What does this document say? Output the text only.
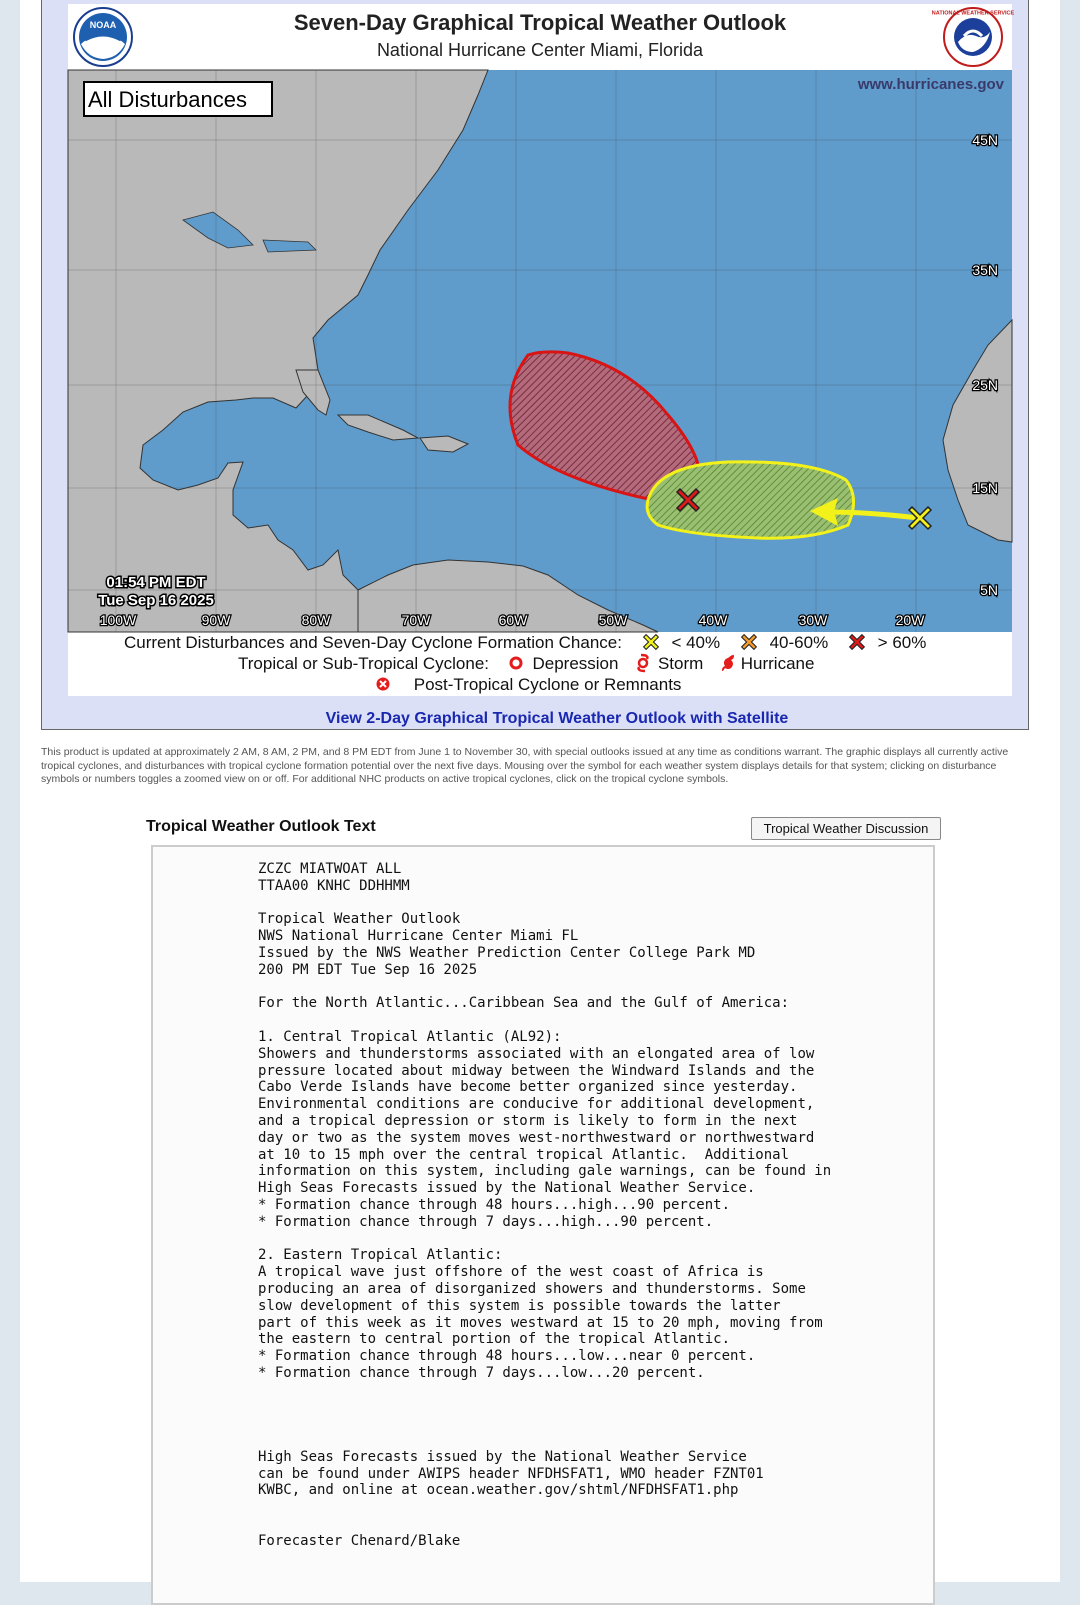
NOAA	Seven-Day Graphical Tropical Weather Outlook
National Hurricane Center Miami, Florida
NATIONAL WEATHER SERVICE
All Disturbances
www.hurricanes.gov
45N
35N
25N
15N
5N
100W	90W	80W	70W	60W	50W	40W	30W	20W
01:54 PM EDT
Tue Sep 16 2025
Current Disturbances and Seven-Day Cyclone Formation Chance:	< 40%	40-60%	> 60%
Tropical or Sub-Tropical Cyclone:	Depression Storm Hurricane
Post-Tropical Cyclone or Remnants
View 2-Day Graphical Tropical Weather Outlook with Satellite
This product is updated at approximately 2 AM, 8 AM, 2 PM, and 8 PM EDT from June 1 to November 30, with special outlooks issued at any time as conditions warrant. The graphic displays all currently active tropical cyclones, and disturbances with tropical cyclone formation potential over the next five days. Mousing over the symbol for each weather system displays details for that system; clicking on disturbance symbols or numbers toggles a zoomed view on or off. For additional NHC products on active tropical cyclones, click on the tropical cyclone symbols.
Tropical Weather Outlook Text	Tropical Weather Discussion
ZCZC MIATWOAT ALL
TTAA00 KNHC DDHHMM

Tropical Weather Outlook
NWS National Hurricane Center Miami FL
Issued by the NWS Weather Prediction Center College Park MD
200 PM EDT Tue Sep 16 2025

For the North Atlantic...Caribbean Sea and the Gulf of America:

1. Central Tropical Atlantic (AL92):
Showers and thunderstorms associated with an elongated area of low
pressure located about midway between the Windward Islands and the
Cabo Verde Islands have become better organized since yesterday.
Environmental conditions are conducive for additional development,
and a tropical depression or storm is likely to form in the next
day or two as the system moves west-northwestward or northwestward
at 10 to 15 mph over the central tropical Atlantic.  Additional
information on this system, including gale warnings, can be found in
High Seas Forecasts issued by the National Weather Service.
* Formation chance through 48 hours...high...90 percent.
* Formation chance through 7 days...high...90 percent.

2. Eastern Tropical Atlantic:
A tropical wave just offshore of the west coast of Africa is
producing an area of disorganized showers and thunderstorms. Some
slow development of this system is possible towards the latter
part of this week as it moves westward at 15 to 20 mph, moving from
the eastern to central portion of the tropical Atlantic.
* Formation chance through 48 hours...low...near 0 percent.
* Formation chance through 7 days...low...20 percent.

High Seas Forecasts issued by the National Weather Service
can be found under AWIPS header NFDHSFAT1, WMO header FZNT01
KWBC, and online at ocean.weather.gov/shtml/NFDHSFAT1.php

Forecaster Chenard/Blake
